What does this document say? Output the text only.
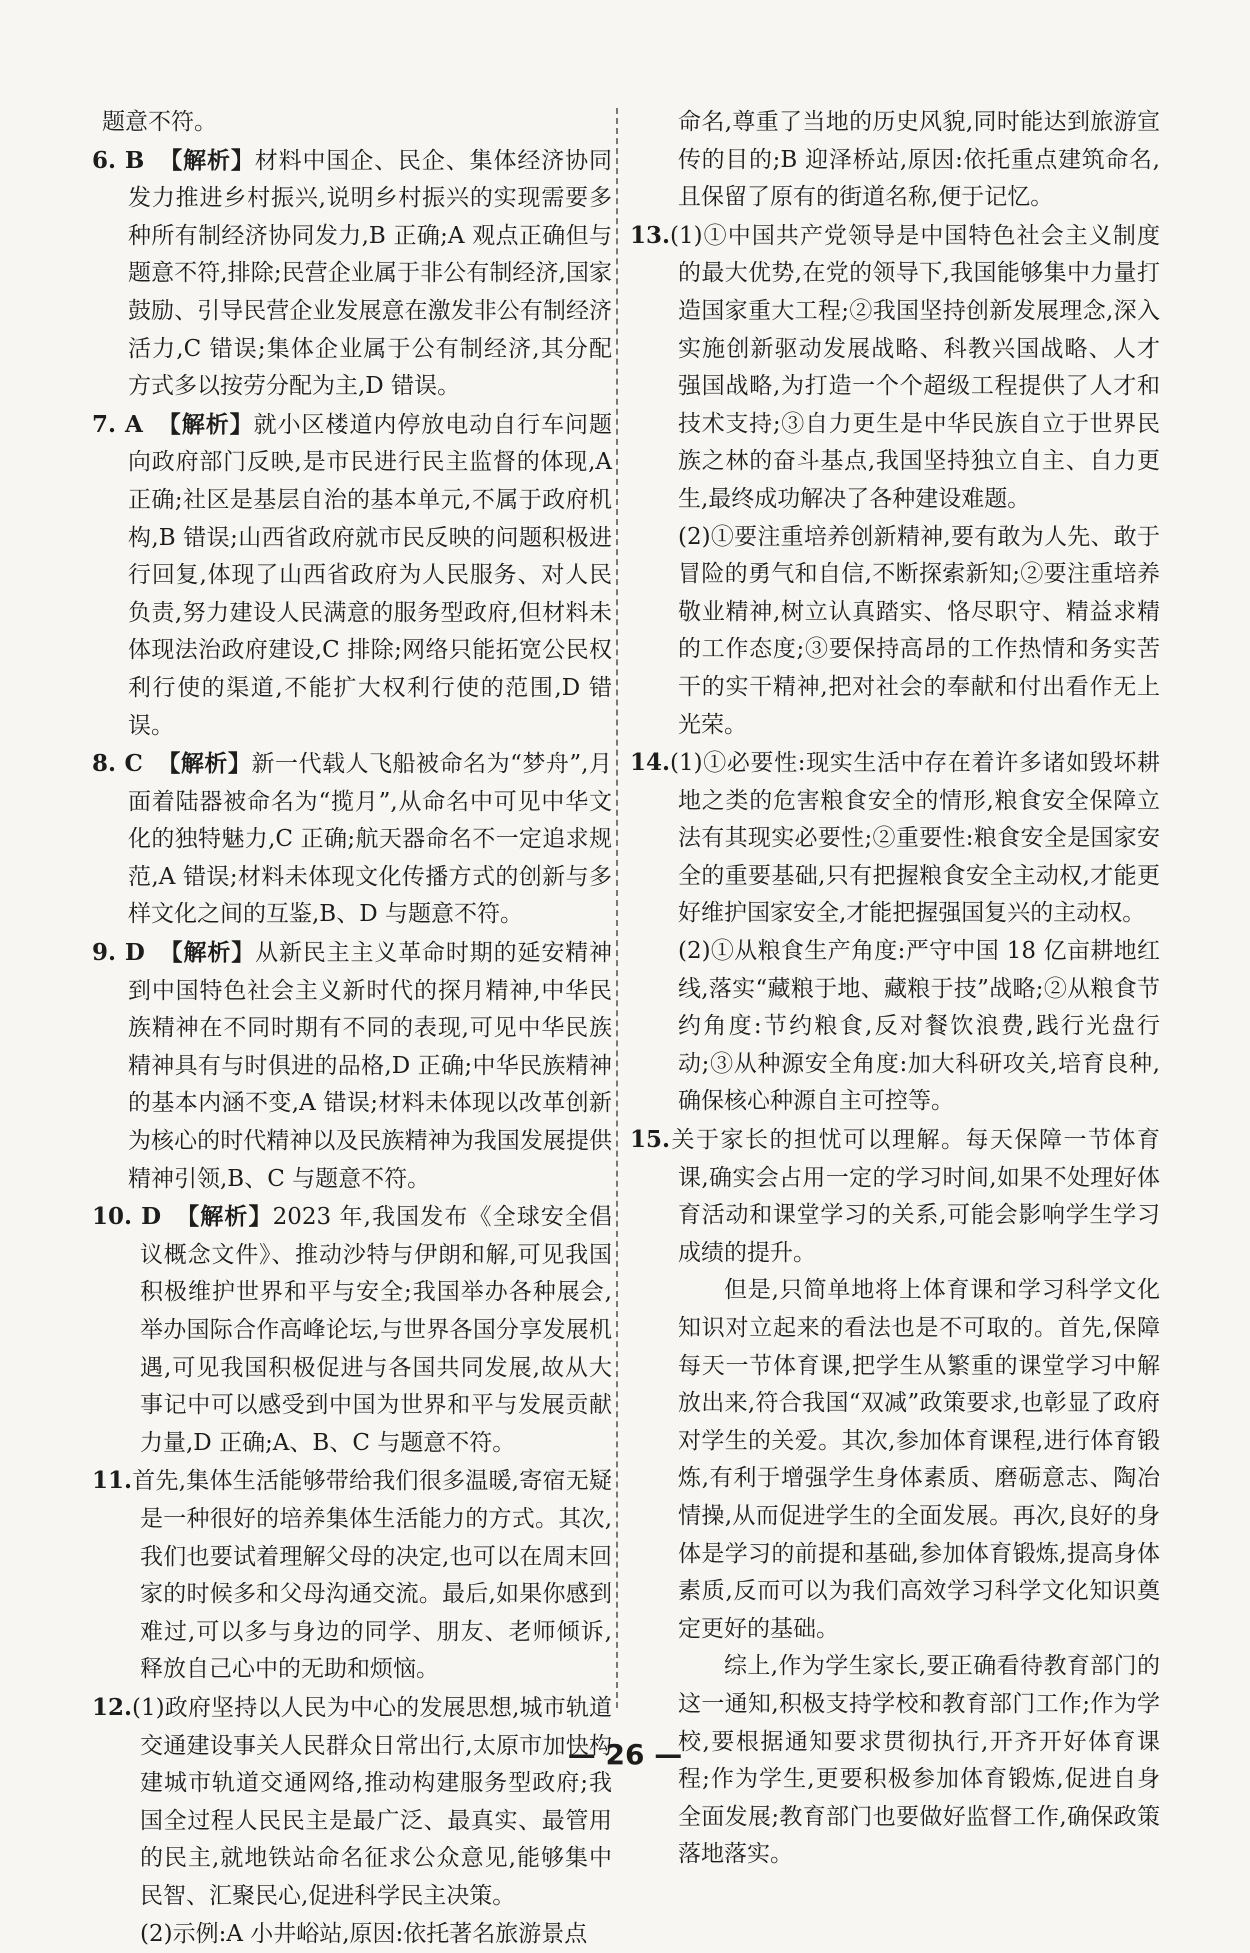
题意不符。

6. B 【解析】材料中国企、民企、集体经济协同发力推进乡村振兴,说明乡村振兴的实现需要多种所有制经济协同发力,B 正确;A 观点正确但与题意不符,排除;民营企业属于非公有制经济,国家鼓励、引导民营企业发展意在激发非公有制经济活力,C 错误;集体企业属于公有制经济,其分配方式多以按劳分配为主,D 错误。

7. A 【解析】就小区楼道内停放电动自行车问题向政府部门反映,是市民进行民主监督的体现,A 正确;社区是基层自治的基本单元,不属于政府机构,B 错误;山西省政府就市民反映的问题积极进行回复,体现了山西省政府为人民服务、对人民负责,努力建设人民满意的服务型政府,但材料未体现法治政府建设,C 排除;网络只能拓宽公民权利行使的渠道,不能扩大权利行使的范围,D 错误。

8. C 【解析】新一代载人飞船被命名为“梦舟”,月面着陆器被命名为“揽月”,从命名中可见中华文化的独特魅力,C 正确;航天器命名不一定追求规范,A 错误;材料未体现文化传播方式的创新与多样文化之间的互鉴,B、D 与题意不符。

9. D 【解析】从新民主主义革命时期的延安精神到中国特色社会主义新时代的探月精神,中华民族精神在不同时期有不同的表现,可见中华民族精神具有与时俱进的品格,D 正确;中华民族精神的基本内涵不变,A 错误;材料未体现以改革创新为核心的时代精神以及民族精神为我国发展提供精神引领,B、C 与题意不符。

10. D 【解析】2023 年,我国发布《全球安全倡议概念文件》、推动沙特与伊朗和解,可见我国积极维护世界和平与安全;我国举办各种展会,举办国际合作高峰论坛,与世界各国分享发展机遇,可见我国积极促进与各国共同发展,故从大事记中可以感受到中国为世界和平与发展贡献力量,D 正确;A、B、C 与题意不符。

11.首先,集体生活能够带给我们很多温暖,寄宿无疑是一种很好的培养集体生活能力的方式。其次,我们也要试着理解父母的决定,也可以在周末回家的时候多和父母沟通交流。最后,如果你感到难过,可以多与身边的同学、朋友、老师倾诉,释放自己心中的无助和烦恼。

12.(1)政府坚持以人民为中心的发展思想,城市轨道交通建设事关人民群众日常出行,太原市加快构建城市轨道交通网络,推动构建服务型政府;我国全过程人民民主是最广泛、最真实、最管用的民主,就地铁站命名征求公众意见,能够集中民智、汇聚民心,促进科学民主决策。

(2)示例:A 小井峪站,原因:依托著名旅游景点

命名,尊重了当地的历史风貌,同时能达到旅游宣传的目的;B 迎泽桥站,原因:依托重点建筑命名,且保留了原有的街道名称,便于记忆。

13.(1)①中国共产党领导是中国特色社会主义制度的最大优势,在党的领导下,我国能够集中力量打造国家重大工程;②我国坚持创新发展理念,深入实施创新驱动发展战略、科教兴国战略、人才强国战略,为打造一个个超级工程提供了人才和技术支持;③自力更生是中华民族自立于世界民族之林的奋斗基点,我国坚持独立自主、自力更生,最终成功解决了各种建设难题。

(2)①要注重培养创新精神,要有敢为人先、敢于冒险的勇气和自信,不断探索新知;②要注重培养敬业精神,树立认真踏实、恪尽职守、精益求精的工作态度;③要保持高昂的工作热情和务实苦干的实干精神,把对社会的奉献和付出看作无上光荣。

14.(1)①必要性:现实生活中存在着许多诸如毁坏耕地之类的危害粮食安全的情形,粮食安全保障立法有其现实必要性;②重要性:粮食安全是国家安全的重要基础,只有把握粮食安全主动权,才能更好维护国家安全,才能把握强国复兴的主动权。

(2)①从粮食生产角度:严守中国 18 亿亩耕地红线,落实“藏粮于地、藏粮于技”战略;②从粮食节约角度:节约粮食,反对餐饮浪费,践行光盘行动;③从种源安全角度:加大科研攻关,培育良种,确保核心种源自主可控等。

15.关于家长的担忧可以理解。每天保障一节体育课,确实会占用一定的学习时间,如果不处理好体育活动和课堂学习的关系,可能会影响学生学习成绩的提升。

但是,只简单地将上体育课和学习科学文化知识对立起来的看法也是不可取的。首先,保障每天一节体育课,把学生从繁重的课堂学习中解放出来,符合我国“双减”政策要求,也彰显了政府对学生的关爱。其次,参加体育课程,进行体育锻炼,有利于增强学生身体素质、磨砺意志、陶冶情操,从而促进学生的全面发展。再次,良好的身体是学习的前提和基础,参加体育锻炼,提高身体素质,反而可以为我们高效学习科学文化知识奠定更好的基础。

综上,作为学生家长,要正确看待教育部门的这一通知,积极支持学校和教育部门工作;作为学校,要根据通知要求贯彻执行,开齐开好体育课程;作为学生,更要积极参加体育锻炼,促进自身全面发展;教育部门也要做好监督工作,确保政策落地落实。

— 26 —
